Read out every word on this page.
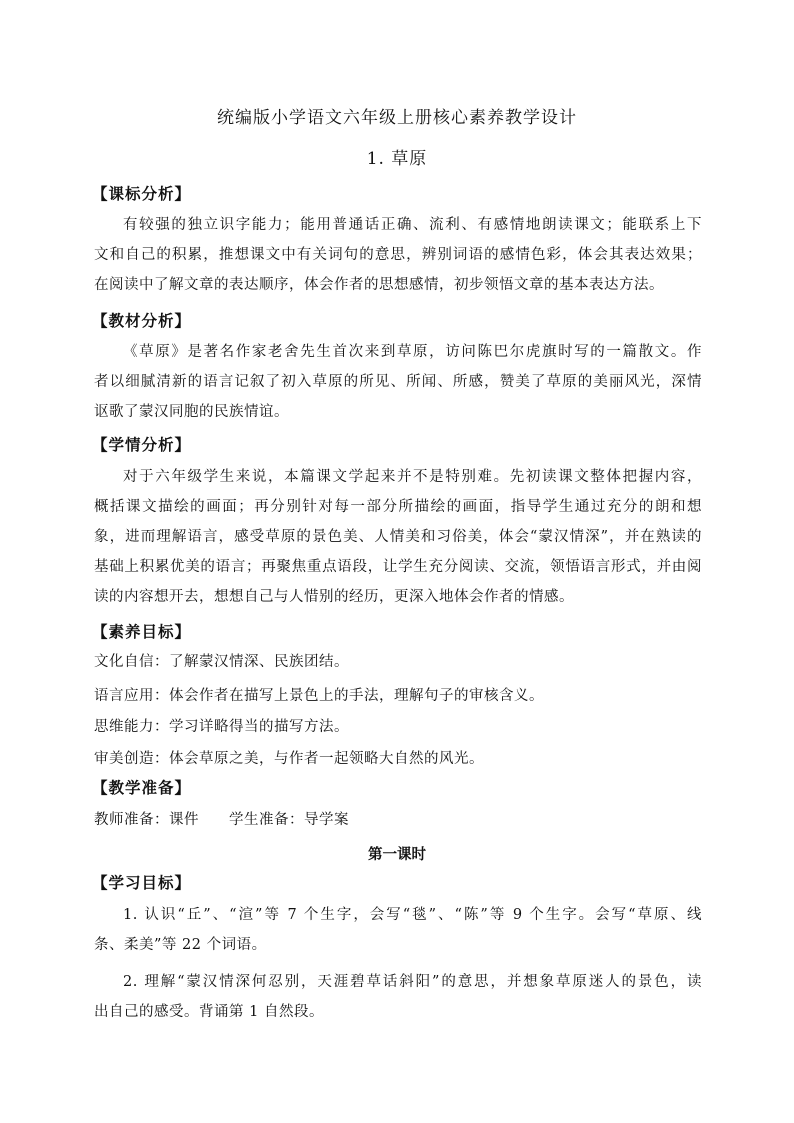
统编版小学语文六年级上册核心素养教学设计
1. 草原
【课标分析】
有较强的独立识字能力；能用普通话正确、流利、有感情地朗读课文；能联系上下
文和自己的积累，推想课文中有关词句的意思，辨别词语的感情色彩，体会其表达效果；
在阅读中了解文章的表达顺序，体会作者的思想感情，初步领悟文章的基本表达方法。
【教材分析】
《草原》是著名作家老舍先生首次来到草原，访问陈巴尔虎旗时写的一篇散文。作
者以细腻清新的语言记叙了初入草原的所见、所闻、所感，赞美了草原的美丽风光，深情
讴歌了蒙汉同胞的民族情谊。
【学情分析】
对于六年级学生来说，本篇课文学起来并不是特别难。先初读课文整体把握内容，
概括课文描绘的画面；再分别针对每一部分所描绘的画面，指导学生通过充分的朗和想
象，进而理解语言，感受草原的景色美、人情美和习俗美，体会“蒙汉情深”，并在熟读的
基础上积累优美的语言；再聚焦重点语段，让学生充分阅读、交流，领悟语言形式，并由阅
读的内容想开去，想想自己与人惜别的经历，更深入地体会作者的情感。
【素养目标】
文化自信：了解蒙汉情深、民族团结。
语言应用：体会作者在描写上景色上的手法，理解句子的审核含义。
思维能力：学习详略得当的描写方法。
审美创造：体会草原之美，与作者一起领略大自然的风光。
【教学准备】
教师准备：课件 学生准备：导学案
第一课时
【学习目标】
1. 认识“丘”、“渲”等 7 个生字，会写“毯”、“陈”等 9 个生字。会写“草原、线
条、柔美”等 22 个词语。
2. 理解“蒙汉情深何忍别，天涯碧草话斜阳”的意思，并想象草原迷人的景色，读
出自己的感受。背诵第 1 自然段。
